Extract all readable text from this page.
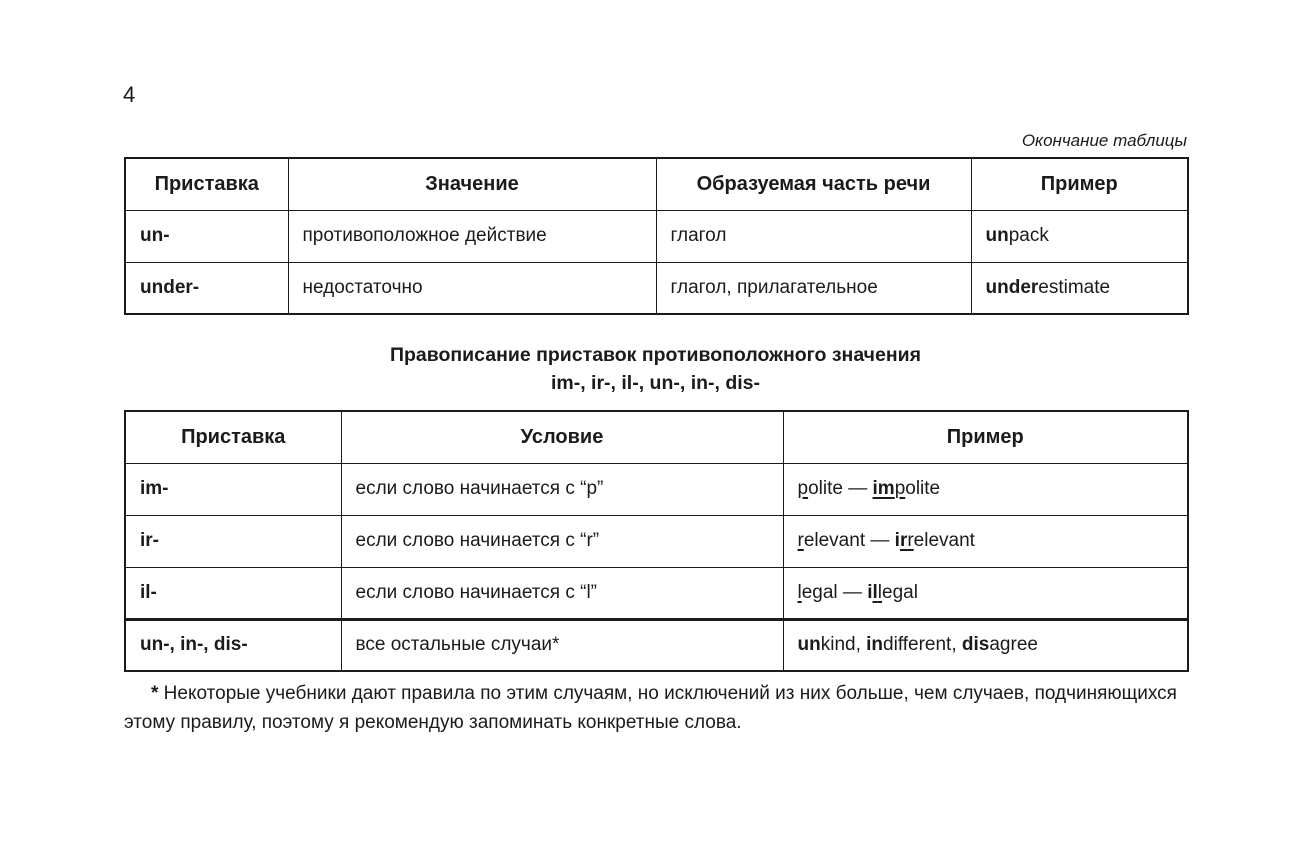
4
Окончание таблицы
Приставка	Значение	Образуемая часть речи	Пример
un-	противоположное действие	глагол	unpack
under-	недостаточно	глагол, прилагательное	underestimate
Правописание приставок противоположного значения
im-, ir-, il-, un-, in-, dis-
Приставка	Условие	Пример
im-	если слово начинается с “p”	polite — impolite
ir-	если слово начинается с “r”	relevant — irrelevant
il-	если слово начинается с “l”	legal — illegal
un-, in-, dis-	все остальные случаи*	unkind, indifferent, disagree

* Некоторые учебники дают правила по этим случаям, но исключений из них больше, чем случаев, подчиняющихся этому правилу, поэтому я рекомендую запоминать конкретные слова.
